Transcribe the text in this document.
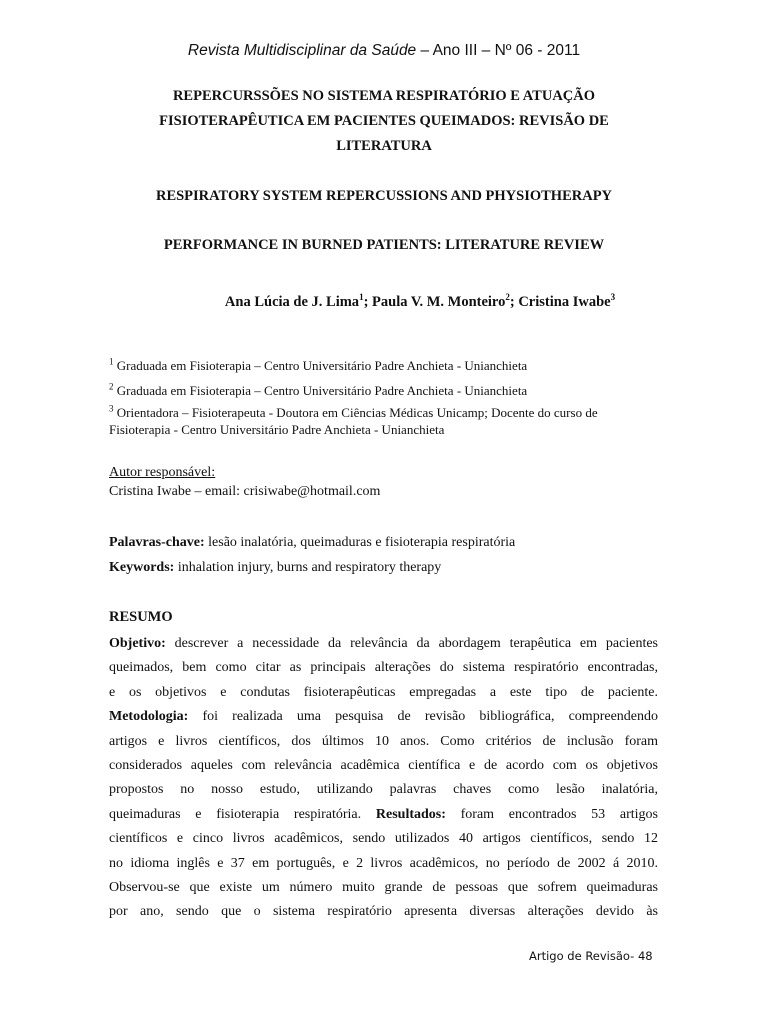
Revista Multidisciplinar da Saúde – Ano III – Nº 06 - 2011
REPERCURSSÕES NO SISTEMA RESPIRATÓRIO E ATUAÇÃO
FISIOTERAPÊUTICA EM PACIENTES QUEIMADOS: REVISÃO DE
LITERATURA
RESPIRATORY SYSTEM REPERCUSSIONS AND PHYSIOTHERAPY
PERFORMANCE IN BURNED PATIENTS: LITERATURE REVIEW
Ana Lúcia de J. Lima$^1$; Paula V. M. Monteiro$^2$; Cristina Iwabe$^3$
$^1$ Graduada em Fisioterapia – Centro Universitário Padre Anchieta - Unianchieta
$^2$ Graduada em Fisioterapia – Centro Universitário Padre Anchieta - Unianchieta
$^3$ Orientadora – Fisioterapeuta - Doutora em Ciências Médicas Unicamp; Docente do curso de Fisioterapia - Centro Universitário Padre Anchieta - Unianchieta
Autor responsável:
Cristina Iwabe – email: crisiwabe@hotmail.com
Palavras-chave: lesão inalatória, queimaduras e fisioterapia respiratória
Keywords: inhalation injury, burns and respiratory therapy
RESUMO
Objetivo: descrever a necessidade da relevância da abordagem terapêutica em pacientes
queimados, bem como citar as principais alterações do sistema respiratório encontradas,
e os objetivos e condutas fisioterapêuticas empregadas a este tipo de paciente.
Metodologia: foi realizada uma pesquisa de revisão bibliográfica, compreendendo
artigos e livros científicos, dos últimos 10 anos. Como critérios de inclusão foram
considerados aqueles com relevância acadêmica científica e de acordo com os objetivos
propostos no nosso estudo, utilizando palavras chaves como lesão inalatória,
queimaduras e fisioterapia respiratória. Resultados: foram encontrados 53 artigos
científicos e cinco livros acadêmicos, sendo utilizados 40 artigos científicos, sendo 12
no idioma inglês e 37 em português, e 2 livros acadêmicos, no período de 2002 á 2010.
Observou-se que existe um número muito grande de pessoas que sofrem queimaduras
por ano, sendo que o sistema respiratório apresenta diversas alterações devido às
Artigo de Revisão- 48
